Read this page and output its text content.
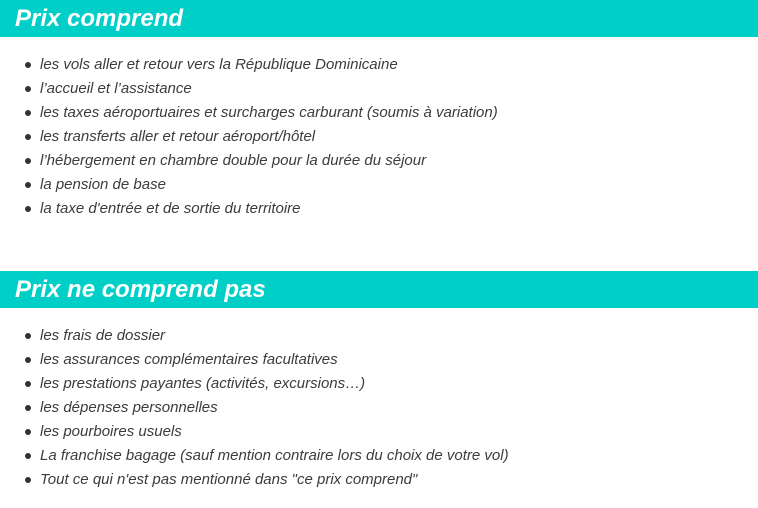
Prix comprend
les vols aller et retour vers la République Dominicaine
l’accueil et l’assistance
les taxes aéroportuaires et surcharges carburant (soumis à variation)
les transferts aller et retour aéroport/hôtel
l’hébergement en chambre double pour la durée du séjour
la pension de base
la taxe d'entrée et de sortie du territoire
Prix ne comprend pas
les frais de dossier
les assurances complémentaires facultatives
les prestations payantes (activités, excursions…)
les dépenses personnelles
les pourboires usuels
La franchise bagage (sauf mention contraire lors du choix de votre vol)
Tout ce qui n'est pas mentionné dans "ce prix comprend"
